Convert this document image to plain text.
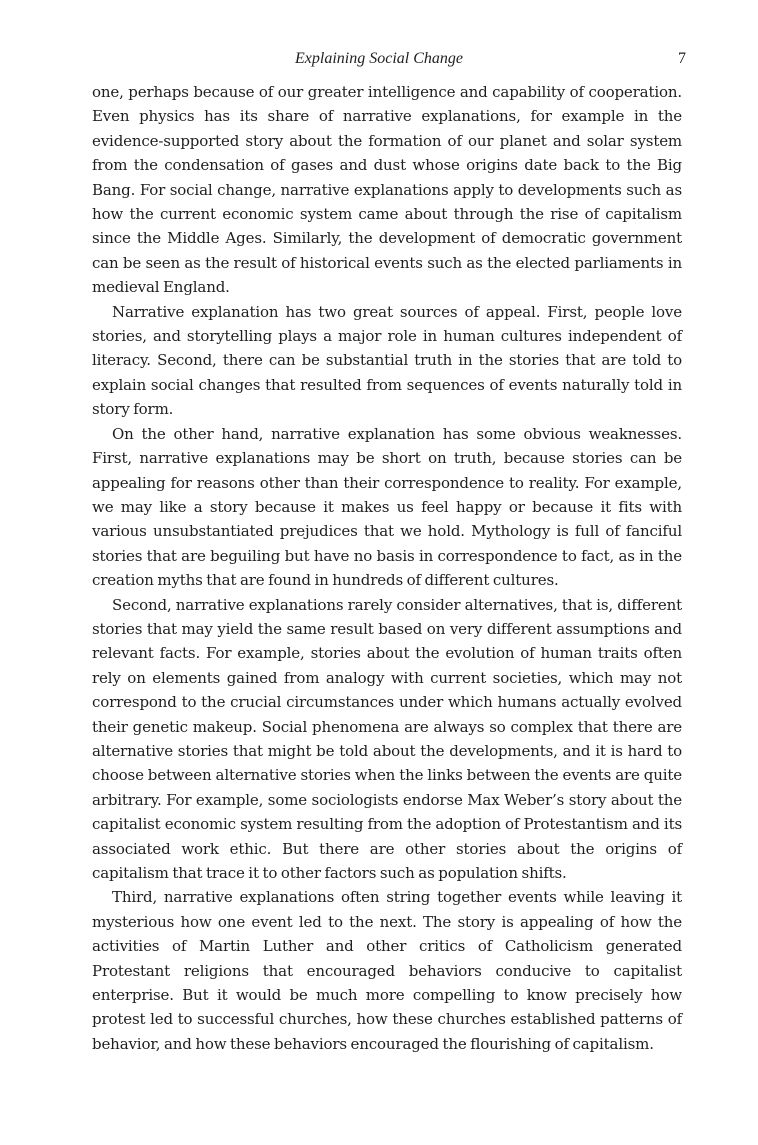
Explaining Social Change	7

one, perhaps because of our greater intelligence and capability of cooperation. Even physics has its share of narrative explanations, for example in the evidence-supported story about the formation of our planet and solar system from the condensation of gases and dust whose origins date back to the Big Bang. For social change, narrative explanations apply to developments such as how the current economic system came about through the rise of capitalism since the Middle Ages. Similarly, the development of democratic government can be seen as the result of historical events such as the elected parliaments in medieval England.

Narrative explanation has two great sources of appeal. First, people love stories, and storytelling plays a major role in human cultures independent of literacy. Second, there can be substantial truth in the stories that are told to explain social changes that resulted from sequences of events naturally told in story form.

On the other hand, narrative explanation has some obvious weaknesses. First, narrative explanations may be short on truth, because stories can be appealing for reasons other than their correspondence to reality. For example, we may like a story because it makes us feel happy or because it fits with various unsubstantiated prejudices that we hold. Mythology is full of fanciful stories that are beguiling but have no basis in correspondence to fact, as in the creation myths that are found in hundreds of different cultures.

Second, narrative explanations rarely consider alternatives, that is, different stories that may yield the same result based on very different assumptions and relevant facts. For example, stories about the evolution of human traits often rely on elements gained from analogy with current societies, which may not correspond to the crucial circumstances under which humans actually evolved their genetic makeup. Social phenomena are always so complex that there are alternative stories that might be told about the developments, and it is hard to choose between alternative stories when the links between the events are quite arbitrary. For example, some sociologists endorse Max Weber’s story about the capitalist economic system resulting from the adoption of Protestantism and its associated work ethic. But there are other stories about the origins of capitalism that trace it to other factors such as population shifts.

Third, narrative explanations often string together events while leaving it mysterious how one event led to the next. The story is appealing of how the activities of Martin Luther and other critics of Catholicism generated Protestant religions that encouraged behaviors conducive to capitalist enterprise. But it would be much more compelling to know precisely how protest led to successful churches, how these churches established patterns of behavior, and how these behaviors encouraged the flourishing of capitalism.
